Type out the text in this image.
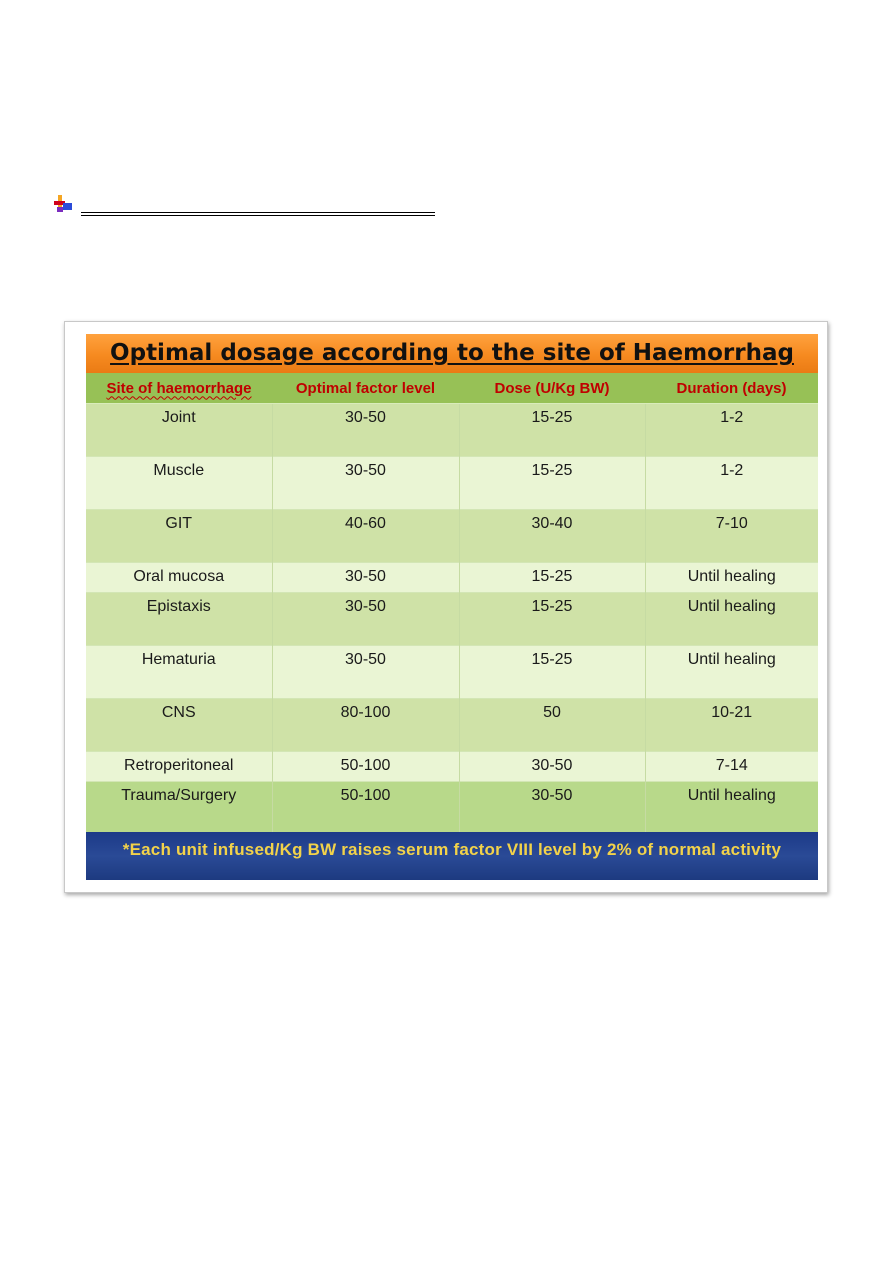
Optimal dosage according to the site of Haemorrhag
Site of haemorrhage	Optimal factor level	Dose (U/Kg BW)	Duration (days)
Joint	30-50	15-25	1-2
Muscle	30-50	15-25	1-2
GIT	40-60	30-40	7-10
Oral mucosa	30-50	15-25	Until healing
Epistaxis	30-50	15-25	Until healing
Hematuria	30-50	15-25	Until healing
CNS	80-100	50	10-21
Retroperitoneal	50-100	30-50	7-14
Trauma/Surgery	50-100	30-50	Until healing
*Each unit infused/Kg BW raises serum factor VIII level by 2% of normal activity
